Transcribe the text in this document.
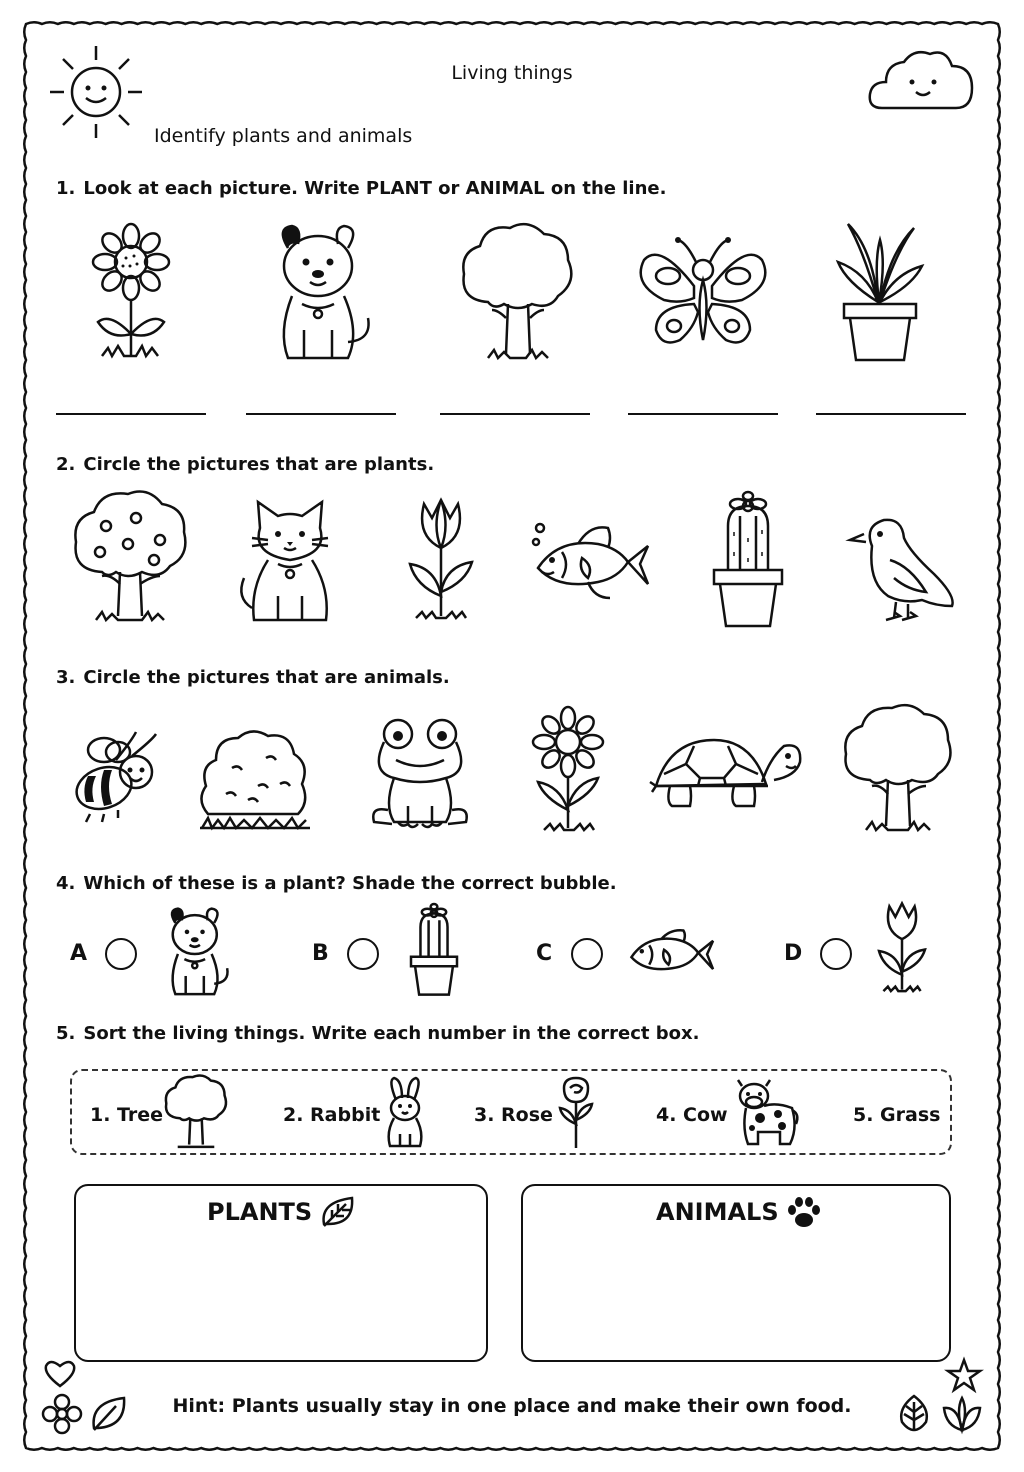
Living things
Identify plants and animals
1. Look at each picture. Write PLANT or ANIMAL on the line.
2. Circle the pictures that are plants.
3. Circle the pictures that are animals.
4. Which of these is a plant? Shade the correct bubble.
A	B	C	D
5. Sort the living things. Write each number in the correct box.
1. Tree	2. Rabbit	3. Rose	4. Cow	5. Grass
PLANTS	ANIMALS
Hint: Plants usually stay in one place and make their own food.
